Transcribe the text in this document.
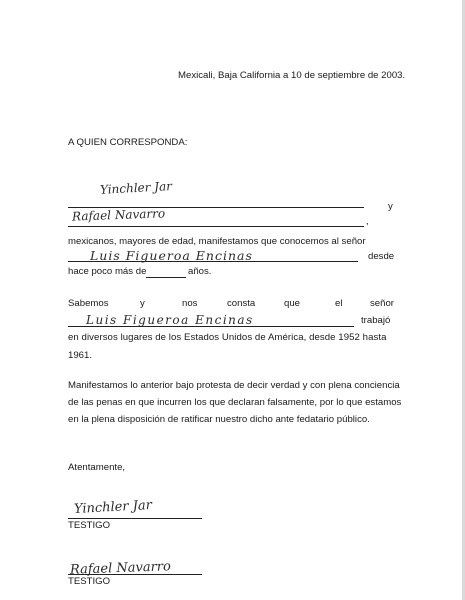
Mexicali, Baja California a 10 de septiembre de 2003.
A QUIEN CORRESPONDA:
Yinchler Jar
y
Rafael Navarro	,
mexicanos, mayores de edad, manifestamos que conocemos al señor
Luis Figueroa Encinas	desde
hace poco más de	años.
Sabemos	y	nos	consta	que	el	señor
Luis Figueroa Encinas	trabajó
en diversos lugares de los Estados Unidos de América, desde 1952 hasta
1961.
Manifestamos lo anterior bajo protesta de decir verdad y con plena conciencia
de las penas en que incurren los que declaran falsamente, por lo que estamos
en la plena disposición de ratificar nuestro dicho ante fedatario público.
Atentamente,
Yinchler Jar
TESTIGO
Rafael Navarro
TESTIGO
